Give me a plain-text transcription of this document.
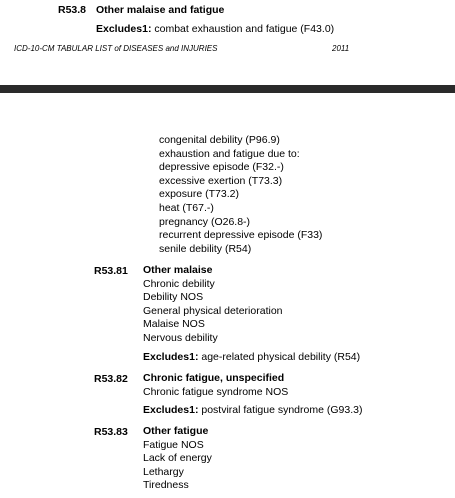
R53.8 Other malaise and fatigue
Excludes1: combat exhaustion and fatigue (F43.0)
ICD-10-CM TABULAR LIST of DISEASES and INJURIES	2011
congenital debility (P96.9)
exhaustion and fatigue due to:
depressive episode (F32.-)
excessive exertion (T73.3)
exposure (T73.2)
heat (T67.-)
pregnancy (O26.8-)
recurrent depressive episode (F33)
senile debility (R54)
R53.81 Other malaise
Chronic debility
Debility NOS
General physical deterioration
Malaise NOS
Nervous debility
Excludes1: age-related physical debility (R54)
R53.82 Chronic fatigue, unspecified
Chronic fatigue syndrome NOS
Excludes1: postviral fatigue syndrome (G93.3)
R53.83 Other fatigue
Fatigue NOS
Lack of energy
Lethargy
Tiredness
